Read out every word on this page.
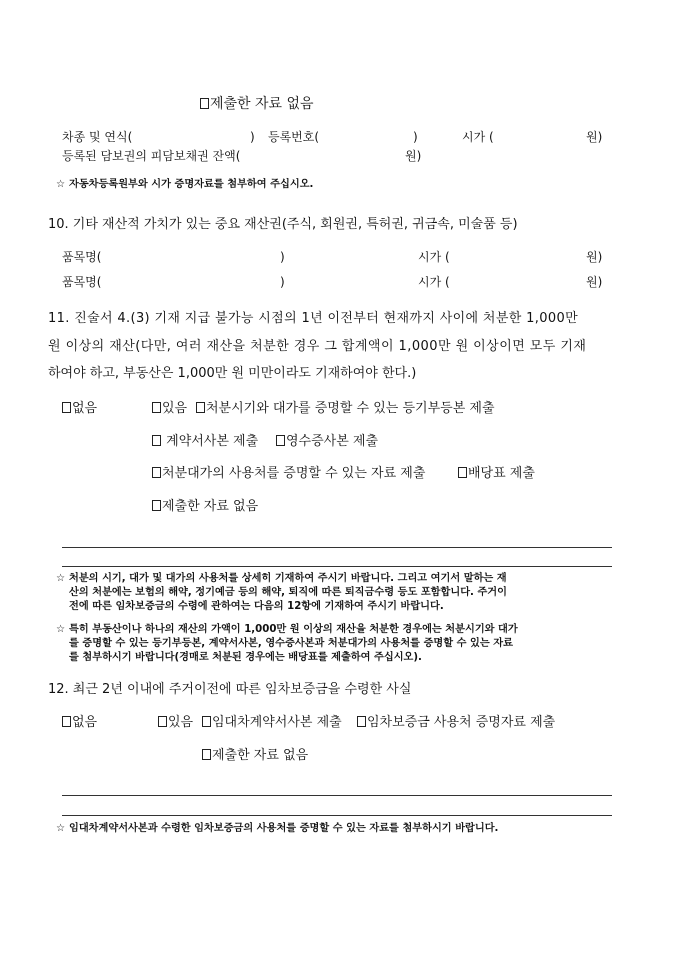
제출한 자료 없음
차종 및 연식(	) 등록번호(	)	시가 (	원)
등록된 담보권의 피담보채권 잔액(	원)
☆ 자동차등록원부와 시가 증명자료를 첨부하여 주십시오.
10. 기타 재산적 가치가 있는 중요 재산권(주식, 회원권, 특허권, 귀금속, 미술품 등)
품목명(	)	시가 (	원)
품목명(	)	시가 (	원)
11. 진술서 4.(3) 기재 지급 불가능 시점의 1년 이전부터 현재까지 사이에 처분한 1,000만
원 이상의 재산(다만, 여러 재산을 처분한 경우 그 합계액이 1,000만 원 이상이면 모두 기재
하여야 하고, 부동산은 1,000만 원 미만이라도 기재하여야 한다.)
없음	있음	처분시기와 대가를 증명할 수 있는 등기부등본 제출
계약서사본 제출	영수증사본 제출
처분대가의 사용처를 증명할 수 있는 자료 제출	배당표 제출
제출한 자료 없음
☆ 처분의 시기, 대가 및 대가의 사용처를 상세히 기재하여 주시기 바랍니다. 그리고 여기서 말하는 재
산의 처분에는 보험의 해약, 정기예금 등의 해약, 퇴직에 따른 퇴직금수령 등도 포함합니다. 주거이
전에 따른 임차보증금의 수령에 관하여는 다음의 12항에 기재하여 주시기 바랍니다.
☆ 특히 부동산이나 하나의 재산의 가액이 1,000만 원 이상의 재산을 처분한 경우에는 처분시기와 대가
를 증명할 수 있는 등기부등본, 계약서사본, 영수증사본과 처분대가의 사용처를 증명할 수 있는 자료
를 첨부하시기 바랍니다(경매로 처분된 경우에는 배당표를 제출하여 주십시오).
12. 최근 2년 이내에 주거이전에 따른 임차보증금을 수령한 사실
없음	있음	임대차계약서사본 제출	임차보증금 사용처 증명자료 제출
제출한 자료 없음
☆ 임대차계약서사본과 수령한 임차보증금의 사용처를 증명할 수 있는 자료를 첨부하시기 바랍니다.
